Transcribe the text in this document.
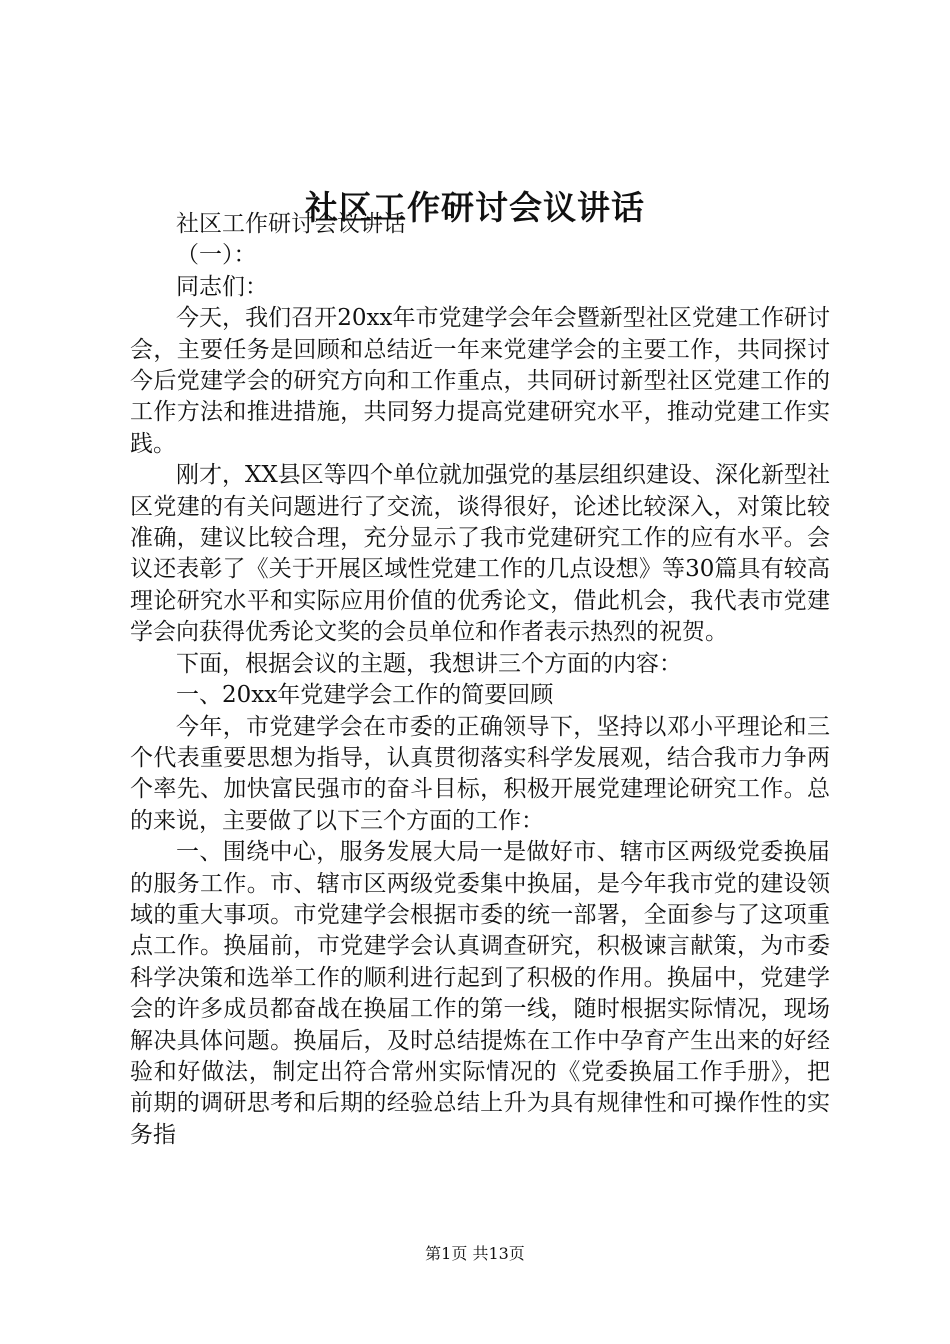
社区工作研讨会议讲话

社区工作研讨会议讲话

（一）：

同志们：

今天，我们召开20xx年市党建学会年会暨新型社区党建工作研讨会，主要任务是回顾和总结近一年来党建学会的主要工作，共同探讨今后党建学会的研究方向和工作重点，共同研讨新型社区党建工作的工作方法和推进措施，共同努力提高党建研究水平，推动党建工作实践。

刚才，XX县区等四个单位就加强党的基层组织建设、深化新型社区党建的有关问题进行了交流，谈得很好，论述比较深入，对策比较准确，建议比较合理，充分显示了我市党建研究工作的应有水平。会议还表彰了《关于开展区域性党建工作的几点设想》等30篇具有较高理论研究水平和实际应用价值的优秀论文，借此机会，我代表市党建学会向获得优秀论文奖的会员单位和作者表示热烈的祝贺。

下面，根据会议的主题，我想讲三个方面的内容：

一、20xx年党建学会工作的简要回顾

今年，市党建学会在市委的正确领导下，坚持以邓小平理论和三个代表重要思想为指导，认真贯彻落实科学发展观，结合我市力争两个率先、加快富民强市的奋斗目标，积极开展党建理论研究工作。总的来说，主要做了以下三个方面的工作：

一、围绕中心，服务发展大局一是做好市、辖市区两级党委换届的服务工作。市、辖市区两级党委集中换届，是今年我市党的建设领域的重大事项。市党建学会根据市委的统一部署，全面参与了这项重点工作。换届前，市党建学会认真调查研究，积极谏言献策，为市委科学决策和选举工作的顺利进行起到了积极的作用。换届中，党建学会的许多成员都奋战在换届工作的第一线，随时根据实际情况，现场解决具体问题。换届后，及时总结提炼在工作中孕育产生出来的好经验和好做法，制定出符合常州实际情况的《党委换届工作手册》，把前期的调研思考和后期的经验总结上升为具有规律性和可操作性的实务指

第1页 共13页
